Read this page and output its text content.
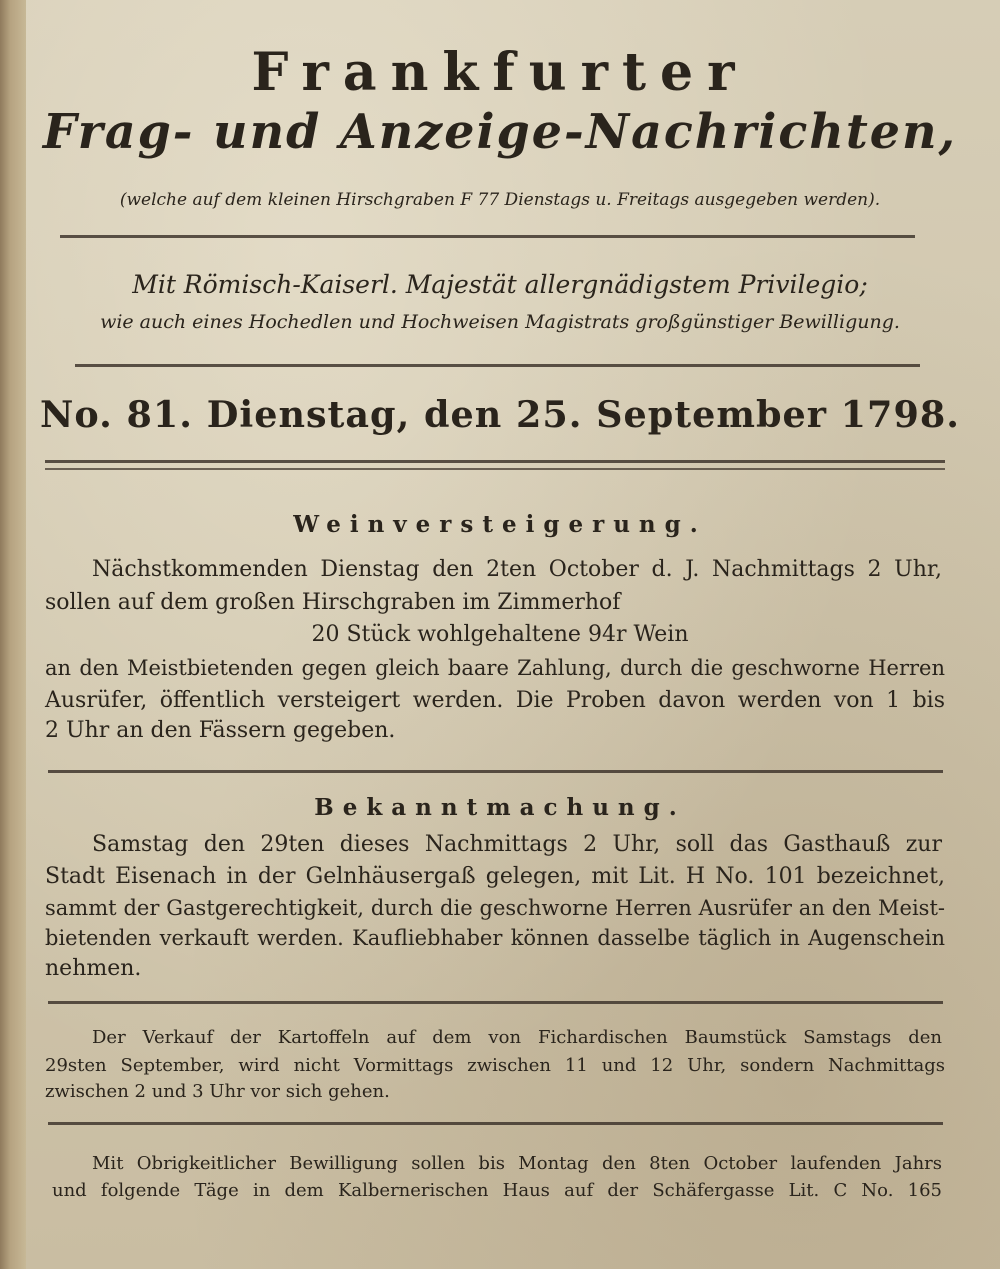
Frankfurter
Frag- und Anzeige-Nachrichten,
(welche auf dem kleinen Hirschgraben F 77 Dienstags u. Freitags ausgegeben werden).
Mit Römisch-Kaiserl. Majestät allergnädigstem Privilegio;
wie auch eines Hochedlen und Hochweisen Magistrats großgünstiger Bewilligung.
No. 81. Dienstag, den 25. September 1798.
Weinversteigerung.
Nächstkommenden Dienstag den 2ten October d. J. Nachmittags 2 Uhr,
sollen auf dem großen Hirschgraben im Zimmerhof
20 Stück wohlgehaltene 94r Wein
an den Meistbietenden gegen gleich baare Zahlung, durch die geschworne Herren
Ausrüfer, öffentlich versteigert werden. Die Proben davon werden von 1 bis
2 Uhr an den Fässern gegeben.
Bekanntmachung.
Samstag den 29ten dieses Nachmittags 2 Uhr, soll das Gasthauß zur
Stadt Eisenach in der Gelnhäusergaß gelegen, mit Lit. H No. 101 bezeichnet,
sammt der Gastgerechtigkeit, durch die geschworne Herren Ausrüfer an den Meist-
bietenden verkauft werden. Kaufliebhaber können dasselbe täglich in Augenschein
nehmen.
Der Verkauf der Kartoffeln auf dem von Fichardischen Baumstück Samstags den
29sten September, wird nicht Vormittags zwischen 11 und 12 Uhr, sondern Nachmittags
zwischen 2 und 3 Uhr vor sich gehen.
Mit Obrigkeitlicher Bewilligung sollen bis Montag den 8ten October laufenden Jahrs
und folgende Täge in dem Kalbernerischen Haus auf der Schäfergasse Lit. C No. 165
